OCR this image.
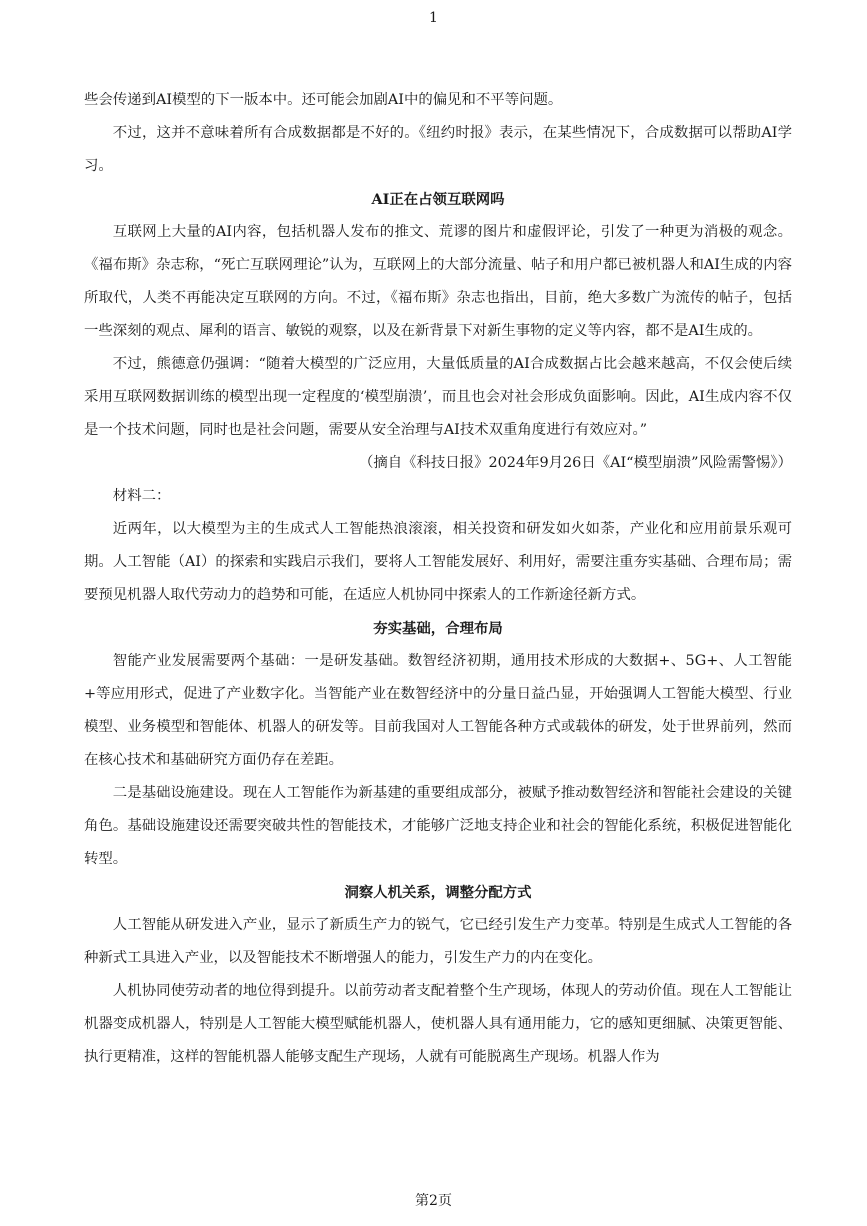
1

些会传递到AI模型的下一版本中。还可能会加剧AI中的偏见和不平等问题。

不过，这并不意味着所有合成数据都是不好的。《纽约时报》表示，在某些情况下，合成数据可以帮助AI学习。

AI正在占领互联网吗

互联网上大量的AI内容，包括机器人发布的推文、荒谬的图片和虚假评论，引发了一种更为消极的观念。《福布斯》杂志称，“死亡互联网理论”认为，互联网上的大部分流量、帖子和用户都已被机器人和AI生成的内容所取代，人类不再能决定互联网的方向。不过，《福布斯》杂志也指出，目前，绝大多数广为流传的帖子，包括一些深刻的观点、犀利的语言、敏锐的观察，以及在新背景下对新生事物的定义等内容，都不是AI生成的。

不过，熊德意仍强调：“随着大模型的广泛应用，大量低质量的AI合成数据占比会越来越高，不仅会使后续采用互联网数据训练的模型出现一定程度的‘模型崩溃’，而且也会对社会形成负面影响。因此，AI生成内容不仅是一个技术问题，同时也是社会问题，需要从安全治理与AI技术双重角度进行有效应对。”

（摘自《科技日报》2024年9月26日《AI“模型崩溃”风险需警惕》）

材料二：

近两年，以大模型为主的生成式人工智能热浪滚滚，相关投资和研发如火如荼，产业化和应用前景乐观可期。人工智能（AI）的探索和实践启示我们，要将人工智能发展好、利用好，需要注重夯实基础、合理布局；需要预见机器人取代劳动力的趋势和可能，在适应人机协同中探索人的工作新途径新方式。

夯实基础，合理布局

智能产业发展需要两个基础：一是研发基础。数智经济初期，通用技术形成的大数据+、5G+、人工智能+等应用形式，促进了产业数字化。当智能产业在数智经济中的分量日益凸显，开始强调人工智能大模型、行业模型、业务模型和智能体、机器人的研发等。目前我国对人工智能各种方式或载体的研发，处于世界前列，然而在核心技术和基础研究方面仍存在差距。

二是基础设施建设。现在人工智能作为新基建的重要组成部分，被赋予推动数智经济和智能社会建设的关键角色。基础设施建设还需要突破共性的智能技术，才能够广泛地支持企业和社会的智能化系统，积极促进智能化转型。

洞察人机关系，调整分配方式

人工智能从研发进入产业，显示了新质生产力的锐气，它已经引发生产力变革。特别是生成式人工智能的各种新式工具进入产业，以及智能技术不断增强人的能力，引发生产力的内在变化。

人机协同使劳动者的地位得到提升。以前劳动者支配着整个生产现场，体现人的劳动价值。现在人工智能让机器变成机器人，特别是人工智能大模型赋能机器人，使机器人具有通用能力，它的感知更细腻、决策更智能、执行更精准，这样的智能机器人能够支配生产现场，人就有可能脱离生产现场。机器人作为

第2页
